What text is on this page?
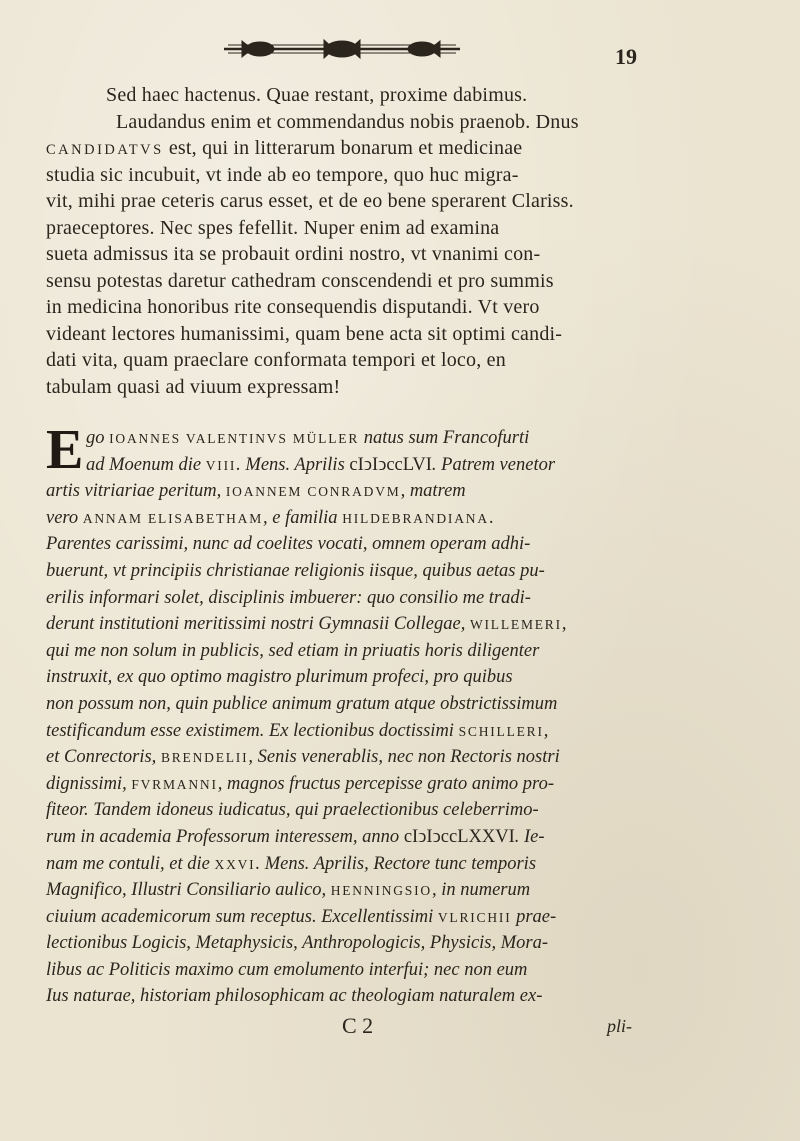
19
Sed haec hactenus. Quae restant, proxime dabimus.
Laudandus enim et commendandus nobis praenob. Dnus
CANDIDATVS est, qui in litterarum bonarum et medicinae
studia sic incubuit, vt inde ab eo tempore, quo huc migra-
vit, mihi prae ceteris carus esset, et de eo bene sperarent Clariss.
praeceptores. Nec spes fefellit. Nuper enim ad examina
sueta admissus ita se probauit ordini nostro, vt vnanimi con-
sensu potestas daretur cathedram conscendendi et pro summis
in medicina honoribus rite consequendis disputandi. Vt vero
videant lectores humanissimi, quam bene acta sit optimi candi-
dati vita, quam praeclare conformata tempori et loco, en
tabulam quasi ad viuum expressam!
E go IOANNES VALENTINVS MÜLLER natus sum Francofurti
ad Moenum die VIII. Mens. Aprilis cIↄIↄccLVI. Patrem venetor
artis vitriariae peritum, IOANNEM CONRADVM, matrem
vero ANNAM ELISABETHAM, e familia HILDEBRANDIANA.
Parentes carissimi, nunc ad coelites vocati, omnem operam adhi-
buerunt, vt principiis christianae religionis iisque, quibus aetas pu-
erilis informari solet, disciplinis imbuerer: quo consilio me tradi-
derunt institutioni meritissimi nostri Gymnasii Collegae, WILLEMERI,
qui me non solum in publicis, sed etiam in priuatis horis diligenter
instruxit, ex quo optimo magistro plurimum profeci, pro quibus
non possum non, quin publice animum gratum atque obstrictissimum
testificandum esse existimem. Ex lectionibus doctissimi SCHILLERI,
et Conrectoris, BRENDELII, Senis venerablis, nec non Rectoris nostri
dignissimi, FVRMANNI, magnos fructus percepisse grato animo pro-
fiteor. Tandem idoneus iudicatus, qui praelectionibus celeberrimo-
rum in academia Professorum interessem, anno cIↄIↄccLXXVI. Ie-
nam me contuli, et die XXVI. Mens. Aprilis, Rectore tunc temporis
Magnifico, Illustri Consiliario aulico, HENNINGSIO, in numerum
ciuium academicorum sum receptus. Excellentissimi VLRICHII prae-
lectionibus Logicis, Metaphysicis, Anthropologicis, Physicis, Mora-
libus ac Politicis maximo cum emolumento interfui; nec non eum
Ius naturae, historiam philosophicam ac theologiam naturalem ex-
C 2	pli-
